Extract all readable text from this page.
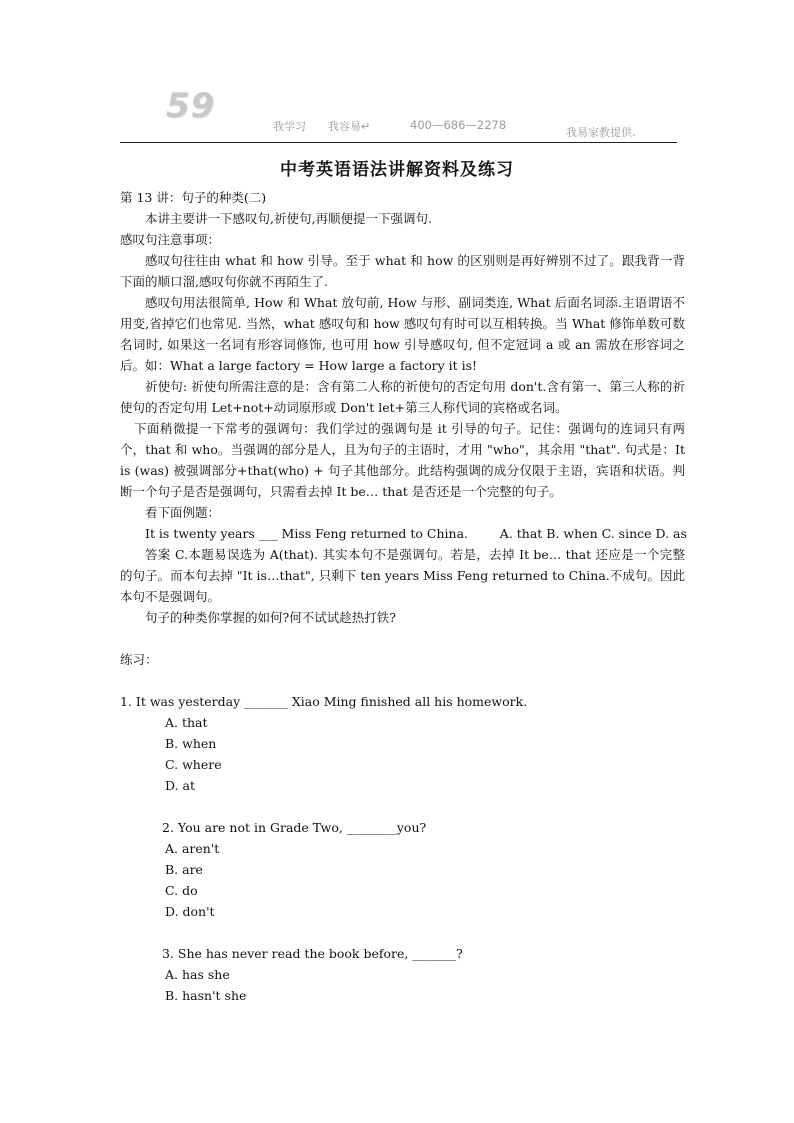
59
我学习 我容易↵	400—686—2278
我易家教提供.
中考英语语法讲解资料及练习

第 13 讲：句子的种类(二)

本讲主要讲一下感叹句,祈使句,再顺便提一下强调句.

感叹句注意事项：

感叹句往往由 what 和 how 引导。至于 what 和 how 的区别则是再好辨别不过了。跟我背一背下面的顺口溜,感叹句你就不再陌生了.

感叹句用法很简单, How 和 What 放句前, How 与形、副词类连, What 后面名词添.主语谓语不用变,省掉它们也常见. 当然，what 感叹句和 how 感叹句有时可以互相转换。当 What 修饰单数可数名词时, 如果这一名词有形容词修饰, 也可用 how 引导感叹句, 但不定冠词 a 或 an 需放在形容词之后。如：What a large factory = How large a factory it is!

祈使句: 祈使句所需注意的是：含有第二人称的祈使句的否定句用 don't.含有第一、第三人称的祈使句的否定句用 Let+not+动词原形或 Don't let+第三人称代词的宾格或名词。

下面稍微提一下常考的强调句：我们学过的强调句是 it 引导的句子。记住：强调句的连词只有两个，that 和 who。当强调的部分是人，且为句子的主语时，才用 "who"，其余用 "that". 句式是：It is (was) 被强调部分+that(who) + 句子其他部分。此结构强调的成分仅限于主语，宾语和状语。判断一个句子是否是强调句，只需看去掉 It be… that 是否还是一个完整的句子。

看下面例题：

It is twenty years ___ Miss Feng returned to China.        A. that B. when C. since D. as

答案 C.本题易误选为 A(that). 其实本句不是强调句。若是，去掉 It be… that 还应是一个完整的句子。而本句去掉 "It is…that", 只剩下 ten years Miss Feng returned to China.不成句。因此本句不是强调句。

句子的种类你掌握的如何?何不试试趁热打铁?

练习：

1. It was yesterday _______ Xiao Ming finished all his homework.

A. that

B. when

C. where

D. at

2. You are not in Grade Two, ________you?

A. aren't

B. are

C. do

D. don't

3. She has never read the book before, _______?

A. has she

B. hasn't she
